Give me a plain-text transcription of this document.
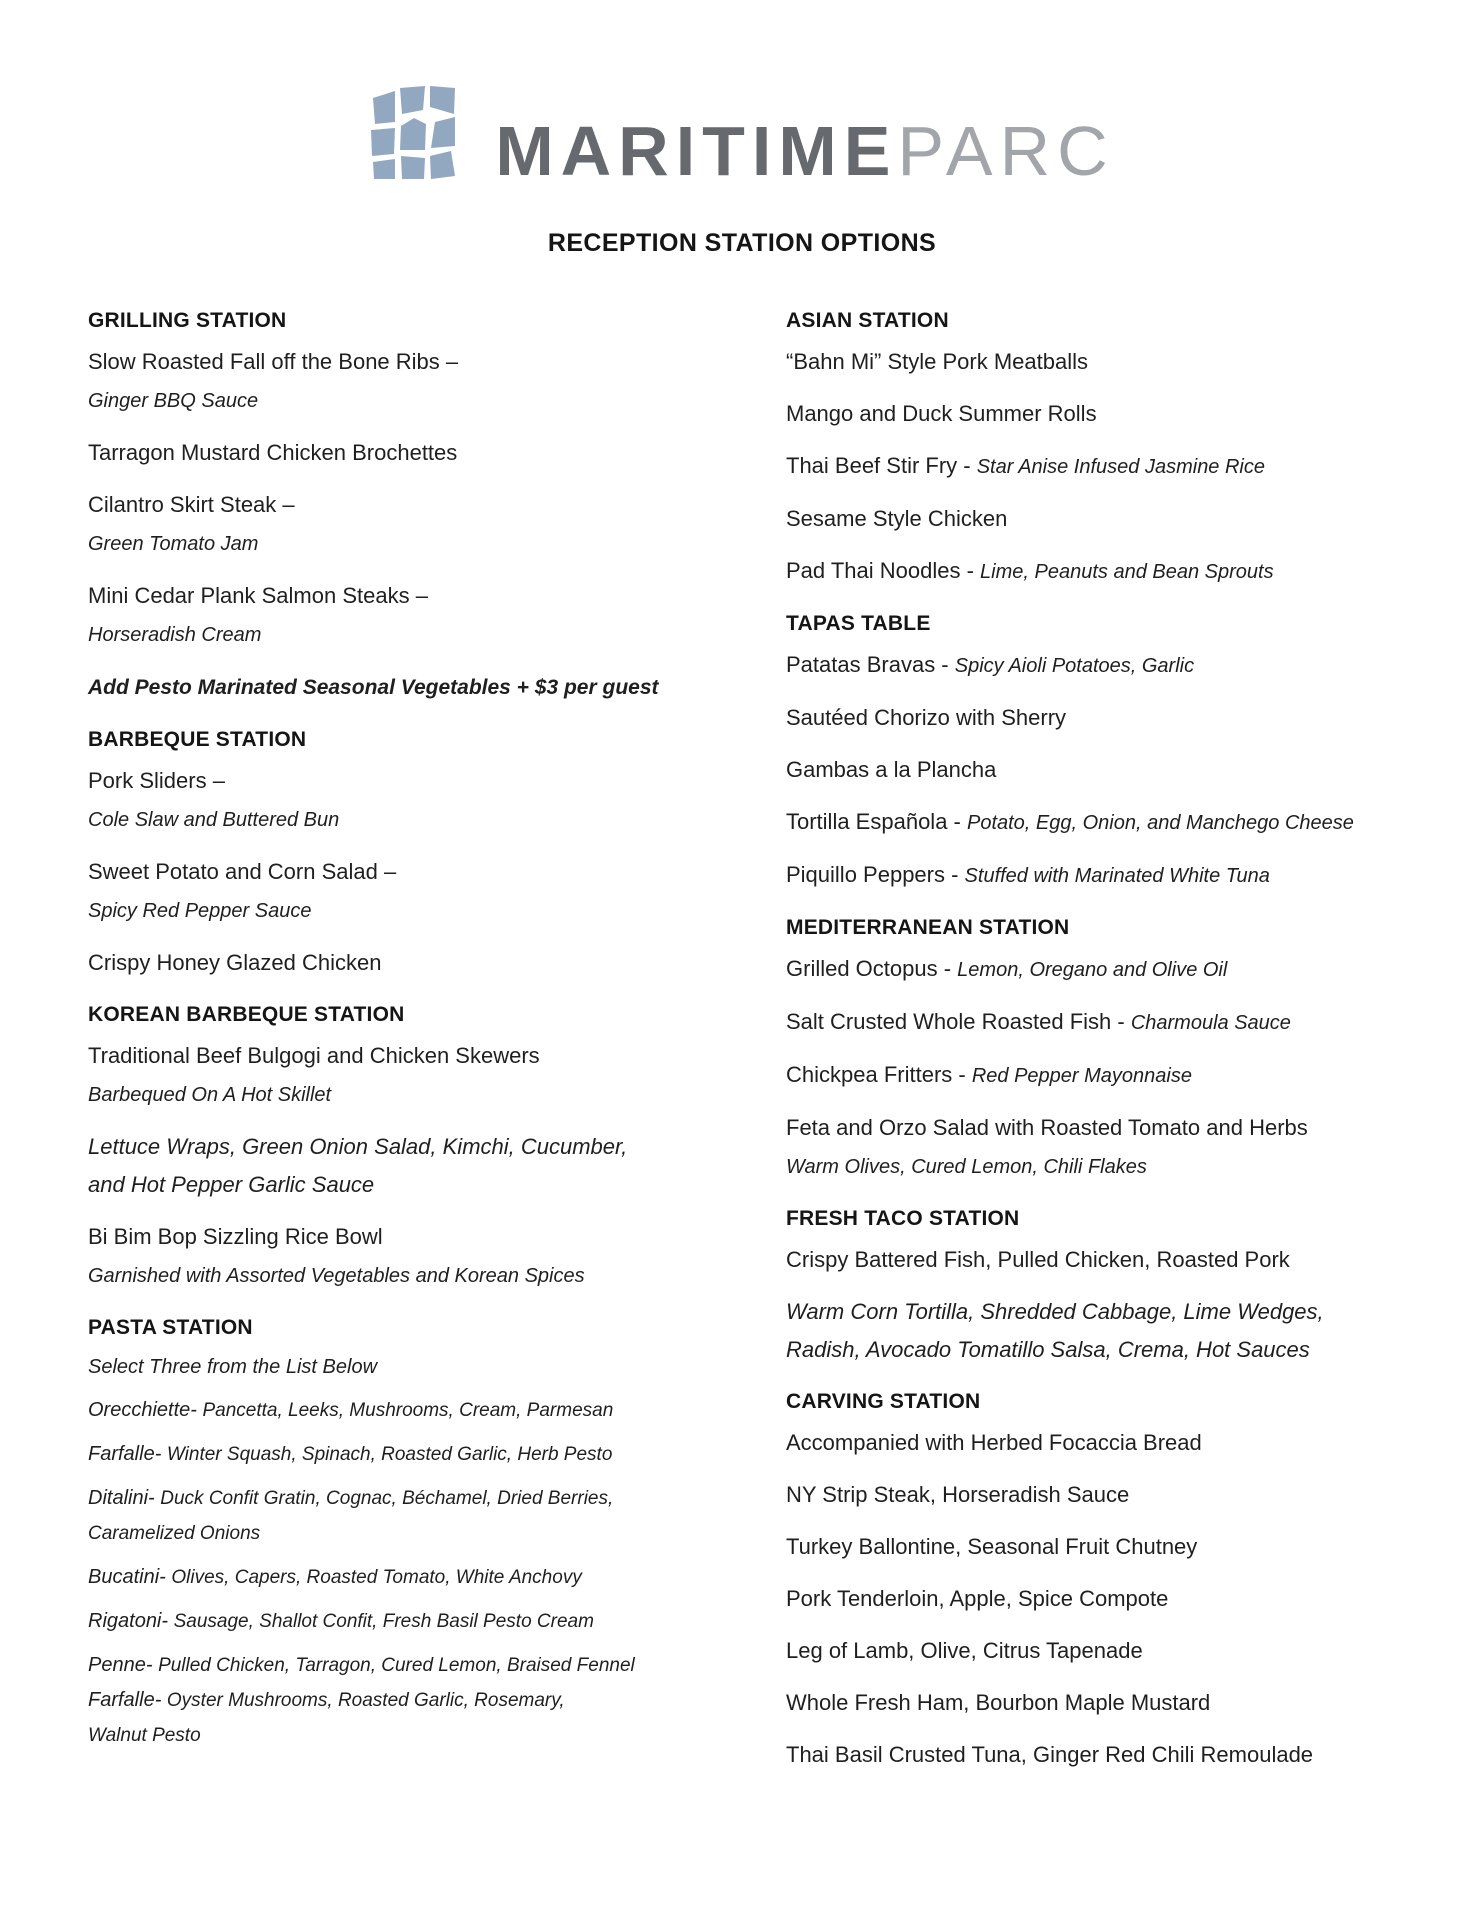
MARITIMEPARC
RECEPTION STATION OPTIONS
GRILLING STATION
Slow Roasted Fall off the Bone Ribs –
Ginger BBQ Sauce
Tarragon Mustard Chicken Brochettes
Cilantro Skirt Steak –
Green Tomato Jam
Mini Cedar Plank Salmon Steaks –
Horseradish Cream
Add Pesto Marinated Seasonal Vegetables + $3 per guest
BARBEQUE STATION
Pork Sliders –
Cole Slaw and Buttered Bun
Sweet Potato and Corn Salad –
Spicy Red Pepper Sauce
Crispy Honey Glazed Chicken
KOREAN BARBEQUE STATION
Traditional Beef Bulgogi and Chicken Skewers
Barbequed On A Hot Skillet
Lettuce Wraps, Green Onion Salad, Kimchi, Cucumber,
and Hot Pepper Garlic Sauce
Bi Bim Bop Sizzling Rice Bowl
Garnished with Assorted Vegetables and Korean Spices
PASTA STATION
Select Three from the List Below
Orecchiette- Pancetta, Leeks, Mushrooms, Cream, Parmesan
Farfalle- Winter Squash, Spinach, Roasted Garlic, Herb Pesto
Ditalini- Duck Confit Gratin, Cognac, Béchamel, Dried Berries,
Caramelized Onions
Bucatini- Olives, Capers, Roasted Tomato, White Anchovy
Rigatoni- Sausage, Shallot Confit, Fresh Basil Pesto Cream
Penne- Pulled Chicken, Tarragon, Cured Lemon, Braised Fennel
Farfalle- Oyster Mushrooms, Roasted Garlic, Rosemary,
Walnut Pesto
ASIAN STATION
“Bahn Mi” Style Pork Meatballs
Mango and Duck Summer Rolls
Thai Beef Stir Fry - Star Anise Infused Jasmine Rice
Sesame Style Chicken
Pad Thai Noodles - Lime, Peanuts and Bean Sprouts
TAPAS TABLE
Patatas Bravas - Spicy Aioli Potatoes, Garlic
Sautéed Chorizo with Sherry
Gambas a la Plancha
Tortilla Española - Potato, Egg, Onion, and Manchego Cheese
Piquillo Peppers - Stuffed with Marinated White Tuna
MEDITERRANEAN STATION
Grilled Octopus - Lemon, Oregano and Olive Oil
Salt Crusted Whole Roasted Fish - Charmoula Sauce
Chickpea Fritters - Red Pepper Mayonnaise
Feta and Orzo Salad with Roasted Tomato and Herbs
Warm Olives, Cured Lemon, Chili Flakes
FRESH TACO STATION
Crispy Battered Fish, Pulled Chicken, Roasted Pork
Warm Corn Tortilla, Shredded Cabbage, Lime Wedges,
Radish, Avocado Tomatillo Salsa, Crema, Hot Sauces
CARVING STATION
Accompanied with Herbed Focaccia Bread
NY Strip Steak, Horseradish Sauce
Turkey Ballontine, Seasonal Fruit Chutney
Pork Tenderloin, Apple, Spice Compote
Leg of Lamb, Olive, Citrus Tapenade
Whole Fresh Ham, Bourbon Maple Mustard
Thai Basil Crusted Tuna, Ginger Red Chili Remoulade
